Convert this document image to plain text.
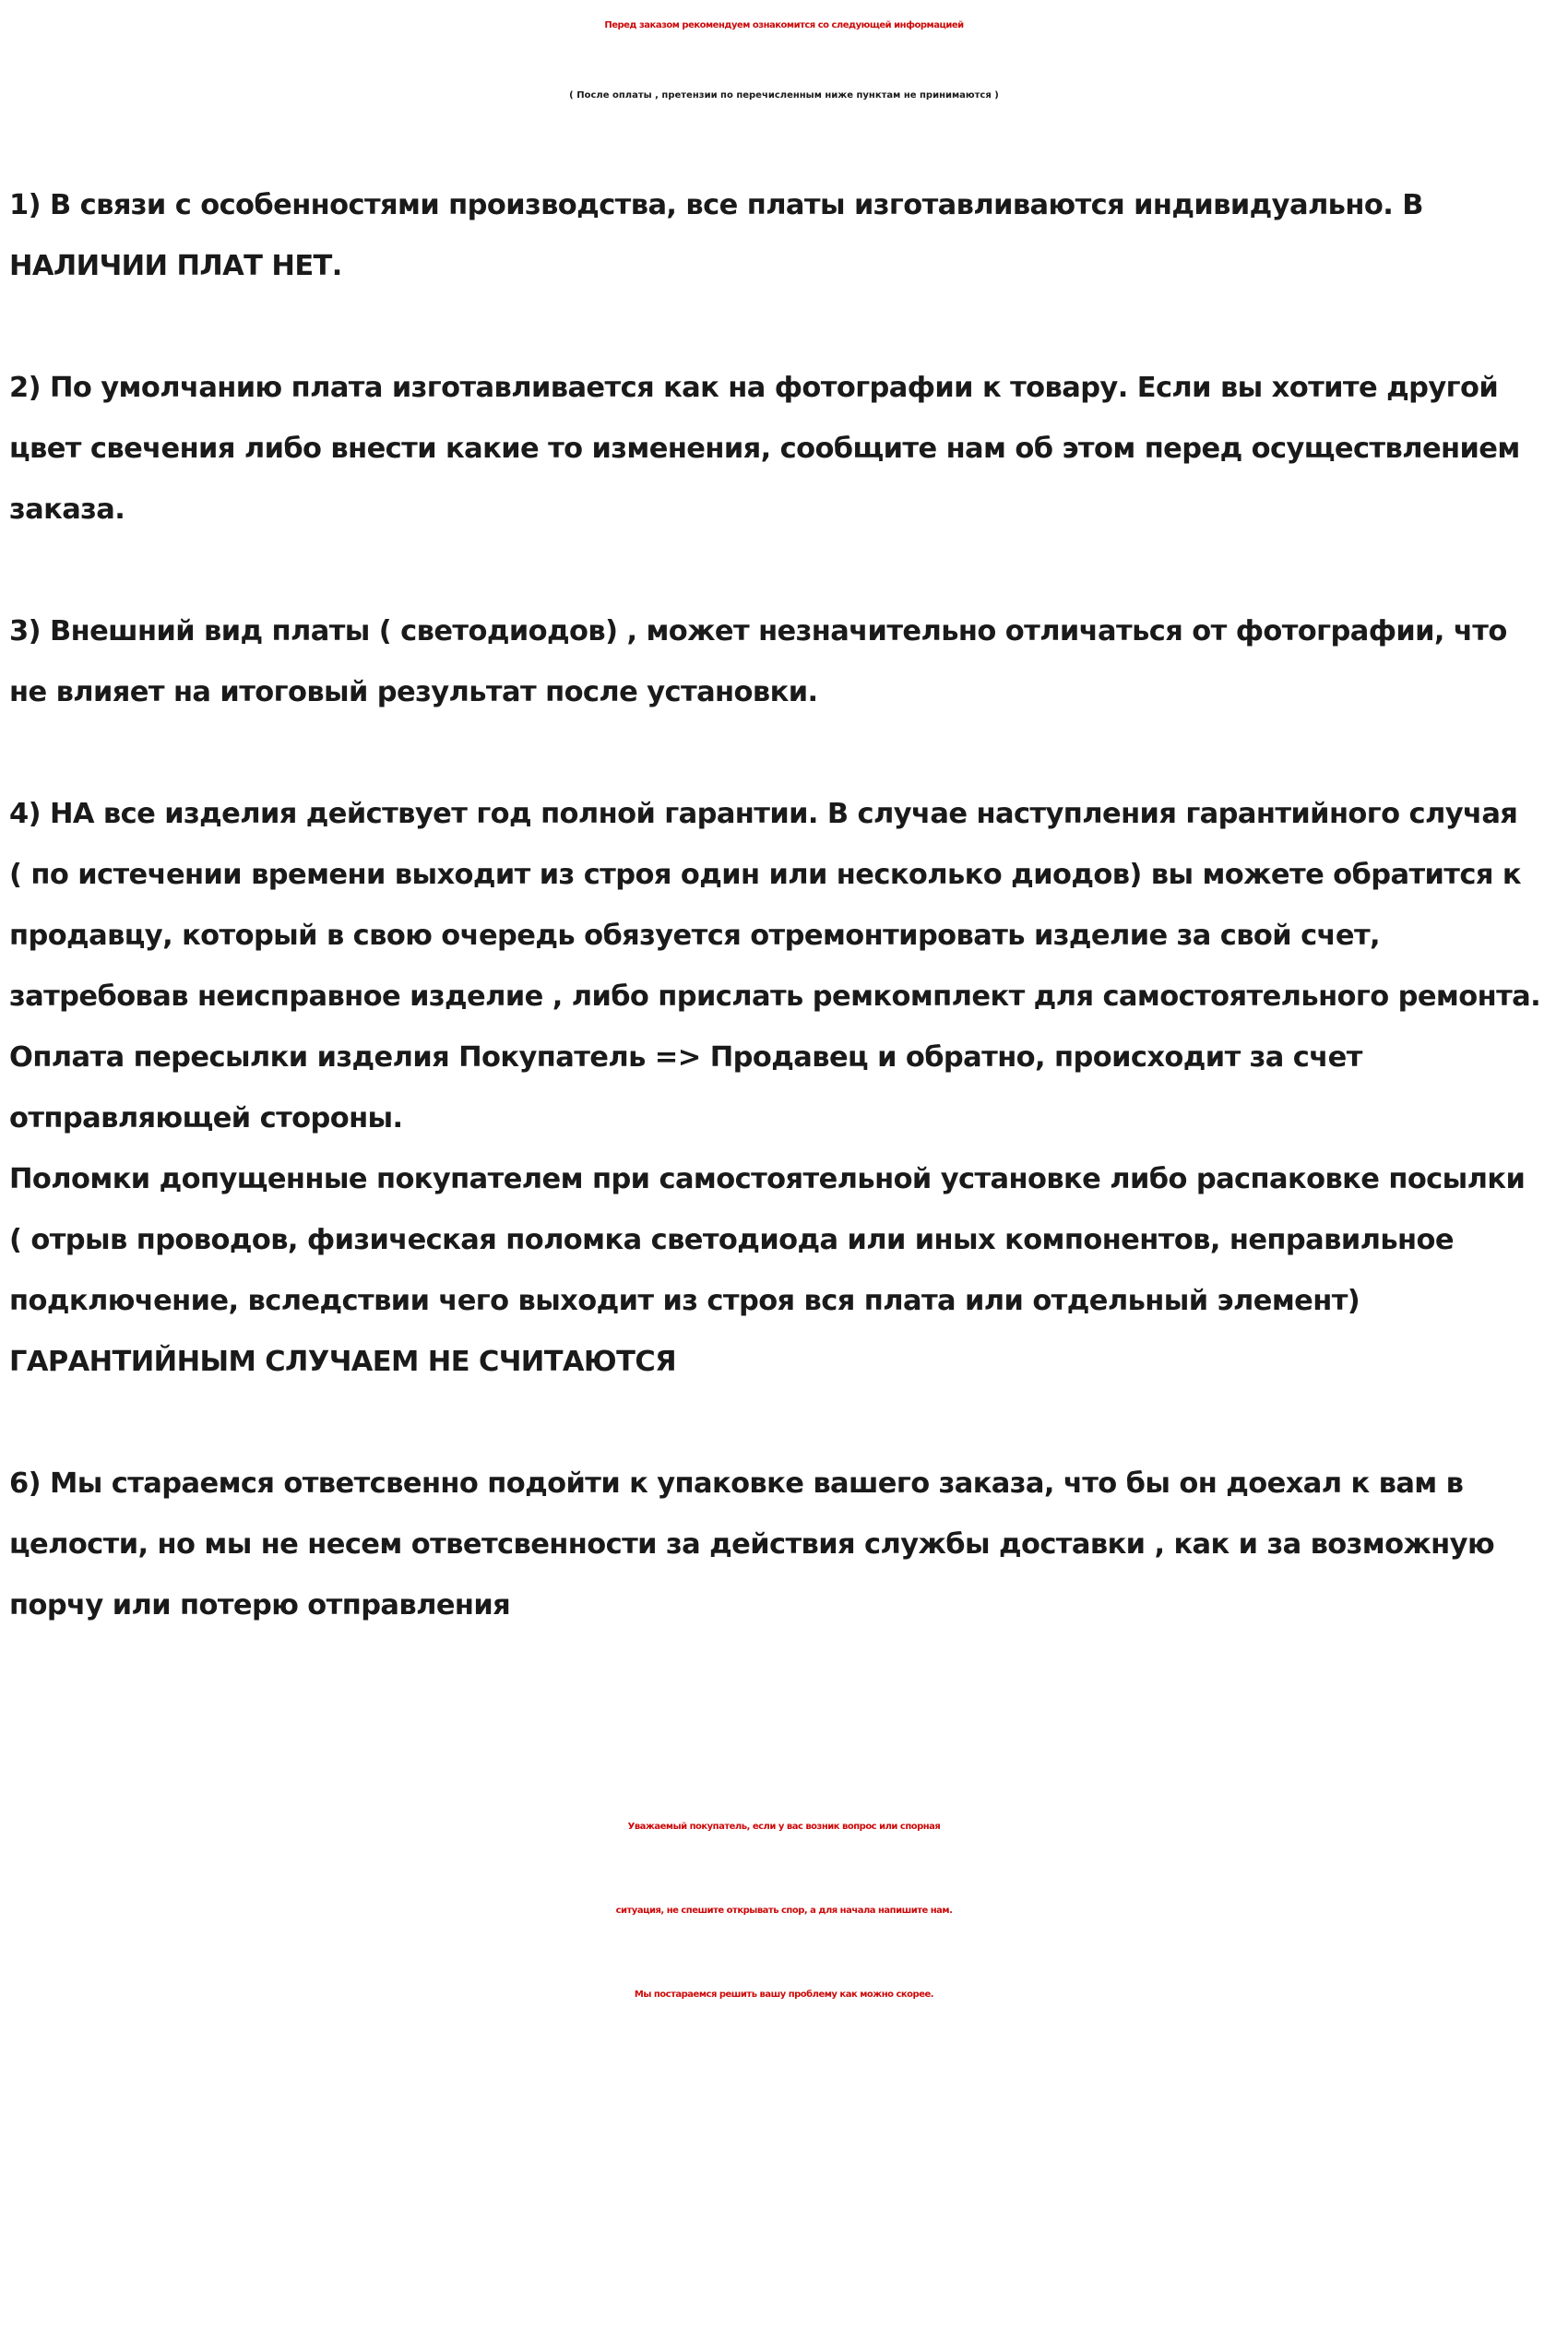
Перед заказом рекомендуем ознакомится со следующей информацией
( После оплаты , претензии по перечисленным ниже пунктам не принимаются )

1) В связи с особенностями производства, все платы изготавливаются индивидуально. В
НАЛИЧИИ ПЛАТ НЕТ.

2) По умолчанию плата изготавливается как на фотографии к товару. Если вы хотите другой
цвет свечения либо внести какие то изменения, сообщите нам об этом перед осуществлением
заказа.

3) Внешний вид платы ( светодиодов) , может незначительно отличаться от фотографии, что
не влияет на итоговый результат после установки.

4) НА все изделия действует год полной гарантии. В случае наступления гарантийного случая
( по истечении времени выходит из строя один или несколько диодов) вы можете обратится к
продавцу, который в свою очередь обязуется отремонтировать изделие за свой счет,
затребовав неисправное изделие , либо прислать ремкомплект для самостоятельного ремонта.
Оплата пересылки изделия Покупатель => Продавец и обратно, происходит за счет
отправляющей стороны.
Поломки допущенные покупателем при самостоятельной установке либо распаковке посылки
( отрыв проводов, физическая поломка светодиода или иных компонентов, неправильное
подключение, вследствии чего выходит из строя вся плата или отдельный элемент)
ГАРАНТИЙНЫМ СЛУЧАЕМ НЕ СЧИТАЮТСЯ

6) Мы стараемся ответсвенно подойти к упаковке вашего заказа, что бы он доехал к вам в
целости, но мы не несем ответсвенности за действия службы доставки , как и за возможную
порчу или потерю отправления

Уважаемый покупатель, если у вас возник вопрос или спорная
ситуация, не спешите открывать спор, а для начала напишите нам.
Мы постараемся решить вашу проблему как можно скорее.
